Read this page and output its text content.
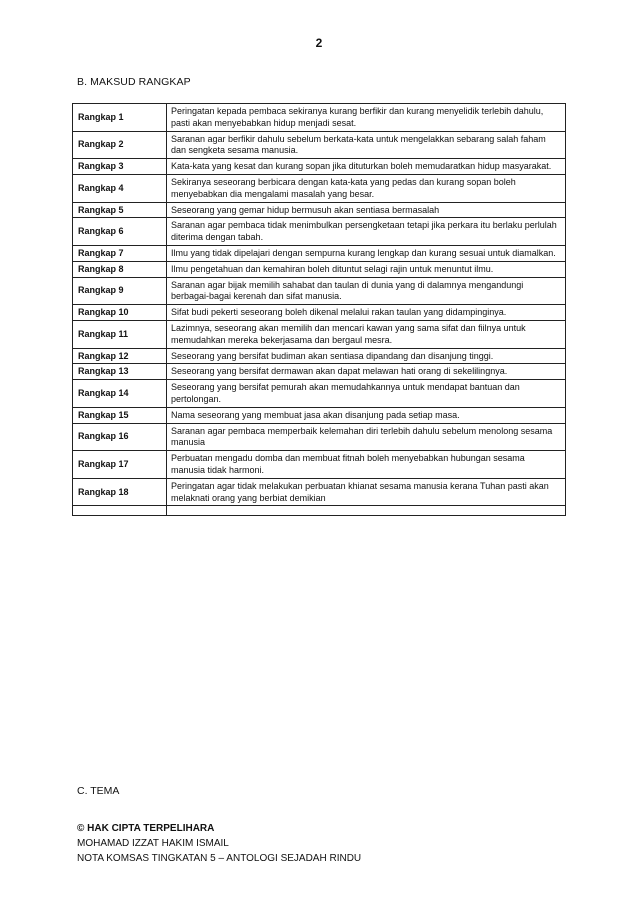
2
B. MAKSUD RANGKAP
Rangkap 1	Peringatan kepada pembaca sekiranya kurang berfikir dan kurang menyelidik terlebih dahulu, pasti akan menyebabkan hidup menjadi sesat.
Rangkap 2	Saranan agar berfikir dahulu sebelum berkata-kata untuk mengelakkan sebarang salah faham dan sengketa sesama manusia.
Rangkap 3	Kata-kata yang kesat dan kurang sopan jika dituturkan boleh memudaratkan hidup masyarakat.
Rangkap 4	Sekiranya seseorang berbicara dengan kata-kata yang pedas dan kurang sopan boleh menyebabkan dia mengalami masalah yang besar.
Rangkap 5	Seseorang yang gemar hidup bermusuh akan sentiasa bermasalah
Rangkap 6	Saranan agar pembaca tidak menimbulkan persengketaan tetapi jika perkara itu berlaku perlulah diterima dengan tabah.
Rangkap 7	Ilmu yang tidak dipelajari dengan sempurna kurang lengkap dan kurang sesuai untuk diamalkan.
Rangkap 8	Ilmu pengetahuan dan kemahiran boleh dituntut selagi rajin untuk menuntut ilmu.
Rangkap 9	Saranan agar bijak memilih sahabat dan taulan di dunia yang di dalamnya mengandungi berbagai-bagai kerenah dan sifat manusia.
Rangkap 10	Sifat budi pekerti seseorang boleh dikenal melalui rakan taulan yang didampinginya.
Rangkap 11	Lazimnya, seseorang akan memilih dan mencari kawan yang sama sifat dan fiilnya untuk memudahkan mereka bekerjasama dan bergaul mesra.
Rangkap 12	Seseorang yang bersifat budiman akan sentiasa dipandang dan disanjung tinggi.
Rangkap 13	Seseorang yang bersifat dermawan akan dapat melawan hati orang di sekelilingnya.
Rangkap 14	Seseorang yang bersifat pemurah akan memudahkannya untuk mendapat bantuan dan pertolongan.
Rangkap 15	Nama seseorang yang membuat jasa akan disanjung pada setiap masa.
Rangkap 16	Saranan agar pembaca memperbaik kelemahan diri terlebih dahulu sebelum menolong sesama manusia
Rangkap 17	Perbuatan mengadu domba dan membuat fitnah boleh menyebabkan hubungan sesama manusia tidak harmoni.
Rangkap 18	Peringatan agar tidak melakukan perbuatan khianat sesama manusia kerana Tuhan pasti akan melaknati orang yang berbiat demikian

C. TEMA
© HAK CIPTA TERPELIHARA
MOHAMAD IZZAT HAKIM ISMAIL
NOTA KOMSAS TINGKATAN 5 – ANTOLOGI SEJADAH RINDU
